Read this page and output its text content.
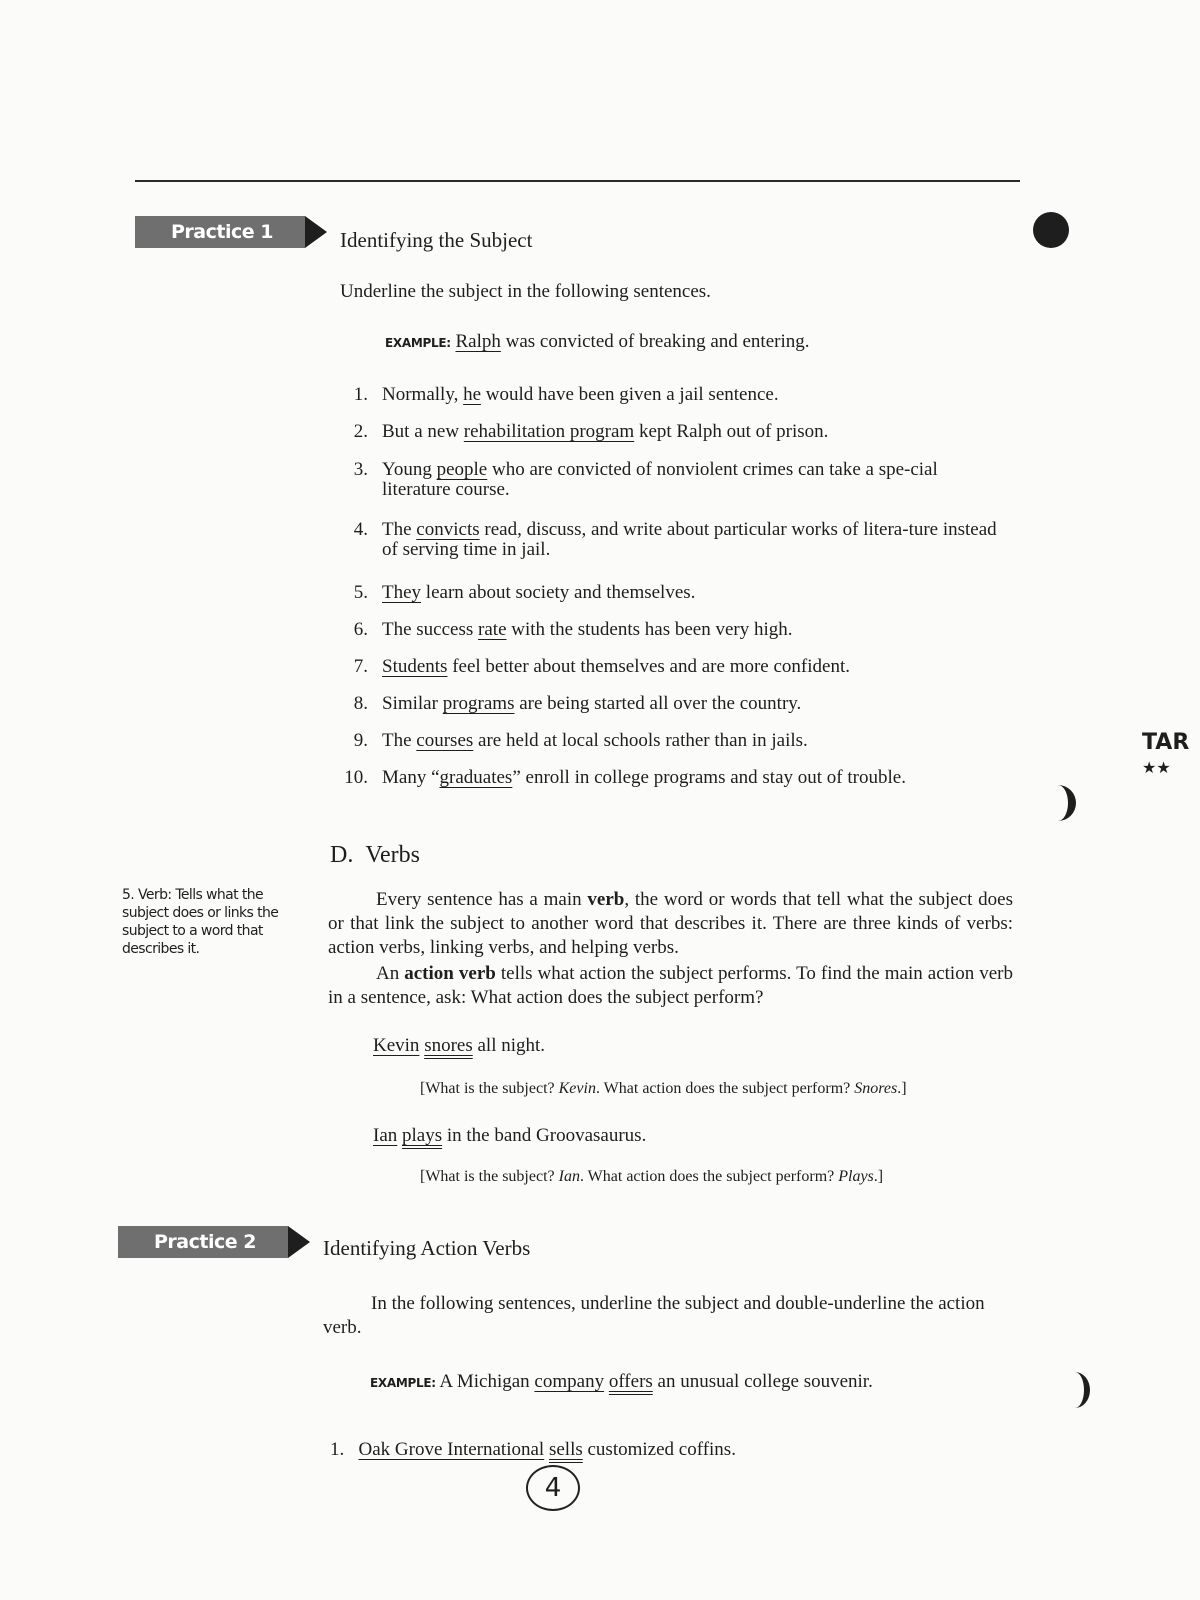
Practice 1	Identifying the Subject
Underline the subject in the following sentences.
EXAMPLE: Ralph was convicted of breaking and entering.
1. Normally, he would have been given a jail sentence.
2. But a new rehabilitation program kept Ralph out of prison.
3. Young people who are convicted of nonviolent crimes can take a spe-cial literature course.
4. The convicts read, discuss, and write about particular works of litera-ture instead of serving time in jail.
5. They learn about society and themselves.
6. The success rate with the students has been very high.
7. Students feel better about themselves and are more confident.
8. Similar programs are being started all over the country.
9. The courses are held at local schools rather than in jails.
10. Many “graduates” enroll in college programs and stay out of trouble.
D. Verbs
5. Verb: Tells what the subject does or links the subject to a word that describes it.
Every sentence has a main verb, the word or words that tell what the subject does or that link the subject to another word that describes it. There are three kinds of verbs: action verbs, linking verbs, and helping verbs.
An action verb tells what action the subject performs. To find the main action verb in a sentence, ask: What action does the subject perform?
Kevin snores all night.
[What is the subject? Kevin. What action does the subject perform? Snores.]
Ian plays in the band Groovasaurus.
[What is the subject? Ian. What action does the subject perform? Plays.]
Practice 2	Identifying Action Verbs
In the following sentences, underline the subject and double-underline the action verb.
EXAMPLE: A Michigan company offers an unusual college souvenir.
1. Oak Grove International sells customized coffins.
4
TAR
★★
